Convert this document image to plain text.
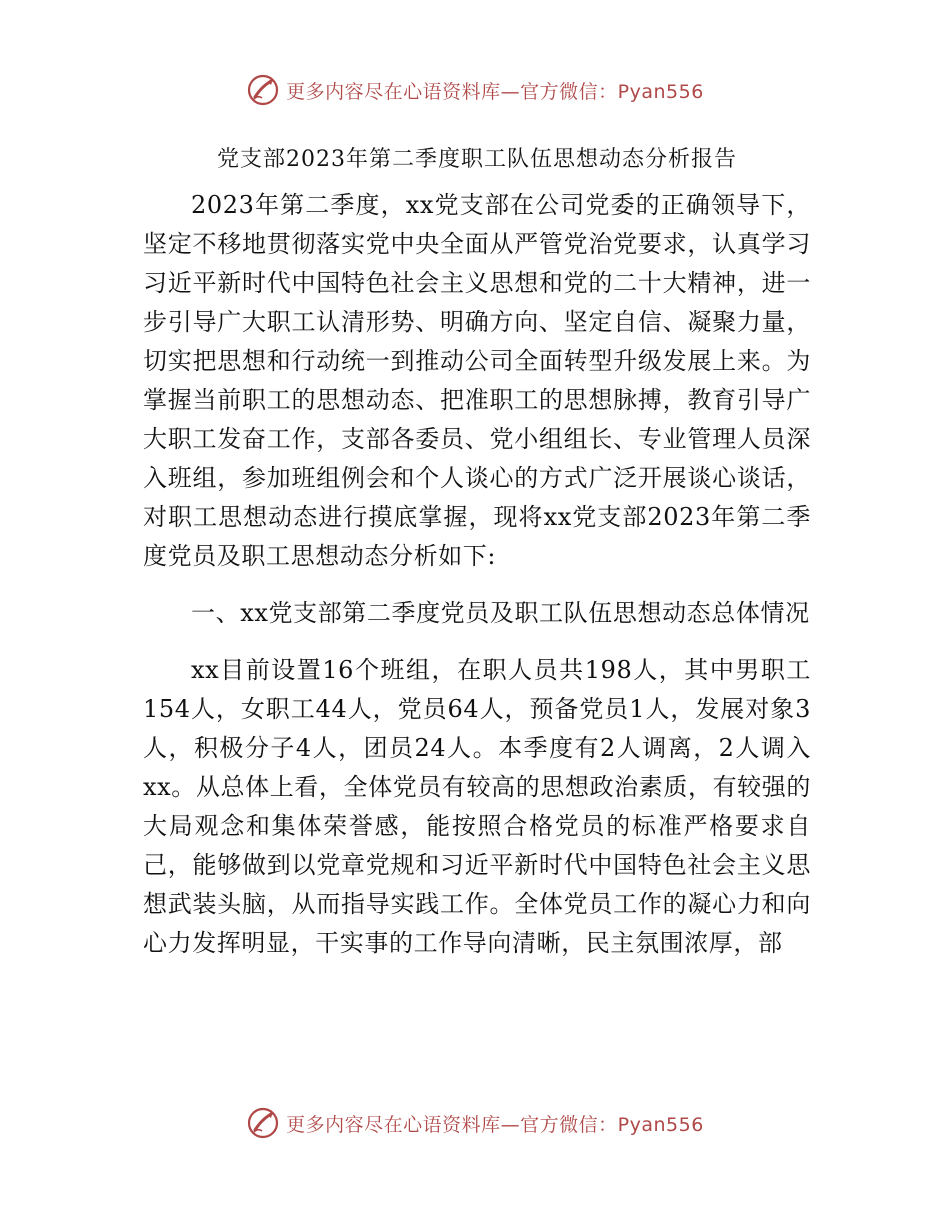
更多内容尽在心语资料库—官方微信：Pyan556
党支部2023年第二季度职工队伍思想动态分析报告

2023年第二季度，xx党支部在公司党委的正确领导下，坚定不移地贯彻落实党中央全面从严管党治党要求，认真学习习近平新时代中国特色社会主义思想和党的二十大精神，进一步引导广大职工认清形势、明确方向、坚定自信、凝聚力量，切实把思想和行动统一到推动公司全面转型升级发展上来。为掌握当前职工的思想动态、把准职工的思想脉搏，教育引导广大职工发奋工作，支部各委员、党小组组长、专业管理人员深入班组，参加班组例会和个人谈心的方式广泛开展谈心谈话，对职工思想动态进行摸底掌握，现将xx党支部2023年第二季度党员及职工思想动态分析如下:

一、xx党支部第二季度党员及职工队伍思想动态总体情况

xx目前设置16个班组，在职人员共198人，其中男职工154人，女职工44人，党员64人，预备党员1人，发展对象3人，积极分子4人，团员24人。本季度有2人调离，2人调入xx。从总体上看，全体党员有较高的思想政治素质，有较强的大局观念和集体荣誉感，能按照合格党员的标准严格要求自己，能够做到以党章党规和习近平新时代中国特色社会主义思想武装头脑，从而指导实践工作。全体党员工作的凝心力和向心力发挥明显，干实事的工作导向清晰，民主氛围浓厚，部

更多内容尽在心语资料库—官方微信：Pyan556
